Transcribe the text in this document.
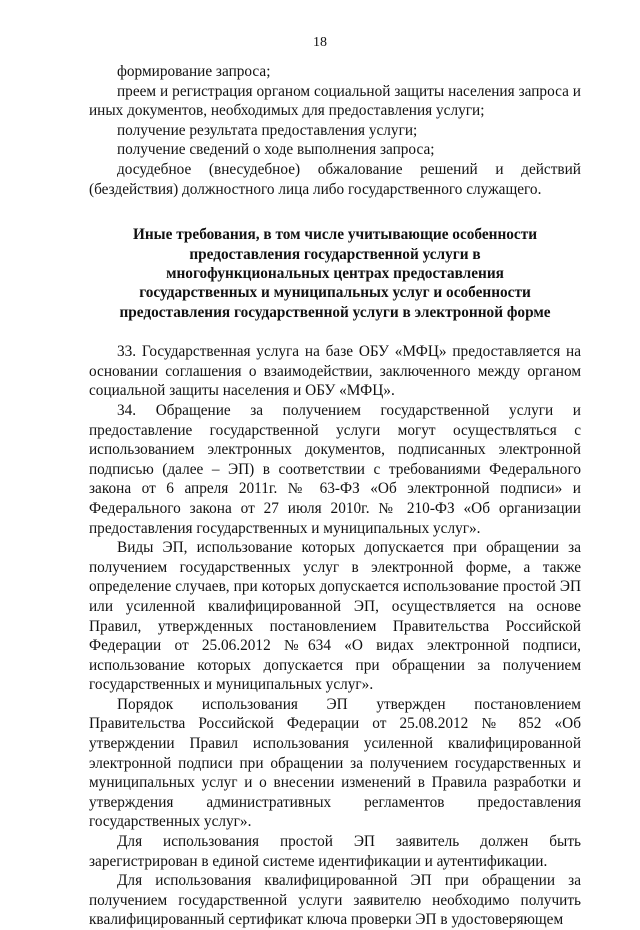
18

формирование запроса;

преем и регистрация органом социальной защиты населения запроса и иных документов, необходимых для предоставления услуги;

получение результата предоставления услуги;

получение сведений о ходе выполнения запроса;

досудебное (внесудебное) обжалование решений и действий (бездействия) должностного лица либо государственного служащего.

Иные требования, в том числе учитывающие особенности предоставления государственной услуги в многофункциональных центрах предоставления государственных и муниципальных услуг и особенности предоставления государственной услуги в электронной форме

33. Государственная услуга на базе ОБУ «МФЦ» предоставляется на основании соглашения о взаимодействии, заключенного между органом социальной защиты населения и ОБУ «МФЦ».

34. Обращение за получением государственной услуги и предоставление государственной услуги могут осуществляться с использованием электронных документов, подписанных электронной подписью (далее – ЭП) в соответствии с требованиями Федерального закона от 6 апреля 2011г. № 63-ФЗ «Об электронной подписи» и Федерального закона от 27 июля 2010г. № 210-ФЗ «Об организации предоставления государственных и муниципальных услуг».

Виды ЭП, использование которых допускается при обращении за получением государственных услуг в электронной форме, а также определение случаев, при которых допускается использование простой ЭП или усиленной квалифицированной ЭП, осуществляется на основе Правил, утвержденных постановлением Правительства Российской Федерации от 25.06.2012 №634 «О видах электронной подписи, использование которых допускается при обращении за получением государственных и муниципальных услуг».

Порядок использования ЭП утвержден постановлением Правительства Российской Федерации от 25.08.2012 № 852 «Об утверждении Правил использования усиленной квалифицированной электронной подписи при обращении за получением государственных и муниципальных услуг и о внесении изменений в Правила разработки и утверждения административных регламентов предоставления государственных услуг».

Для использования простой ЭП заявитель должен быть зарегистрирован в единой системе идентификации и аутентификации.

Для использования квалифицированной ЭП при обращении за получением государственной услуги заявителю необходимо получить квалифицированный сертификат ключа проверки ЭП в удостоверяющем
